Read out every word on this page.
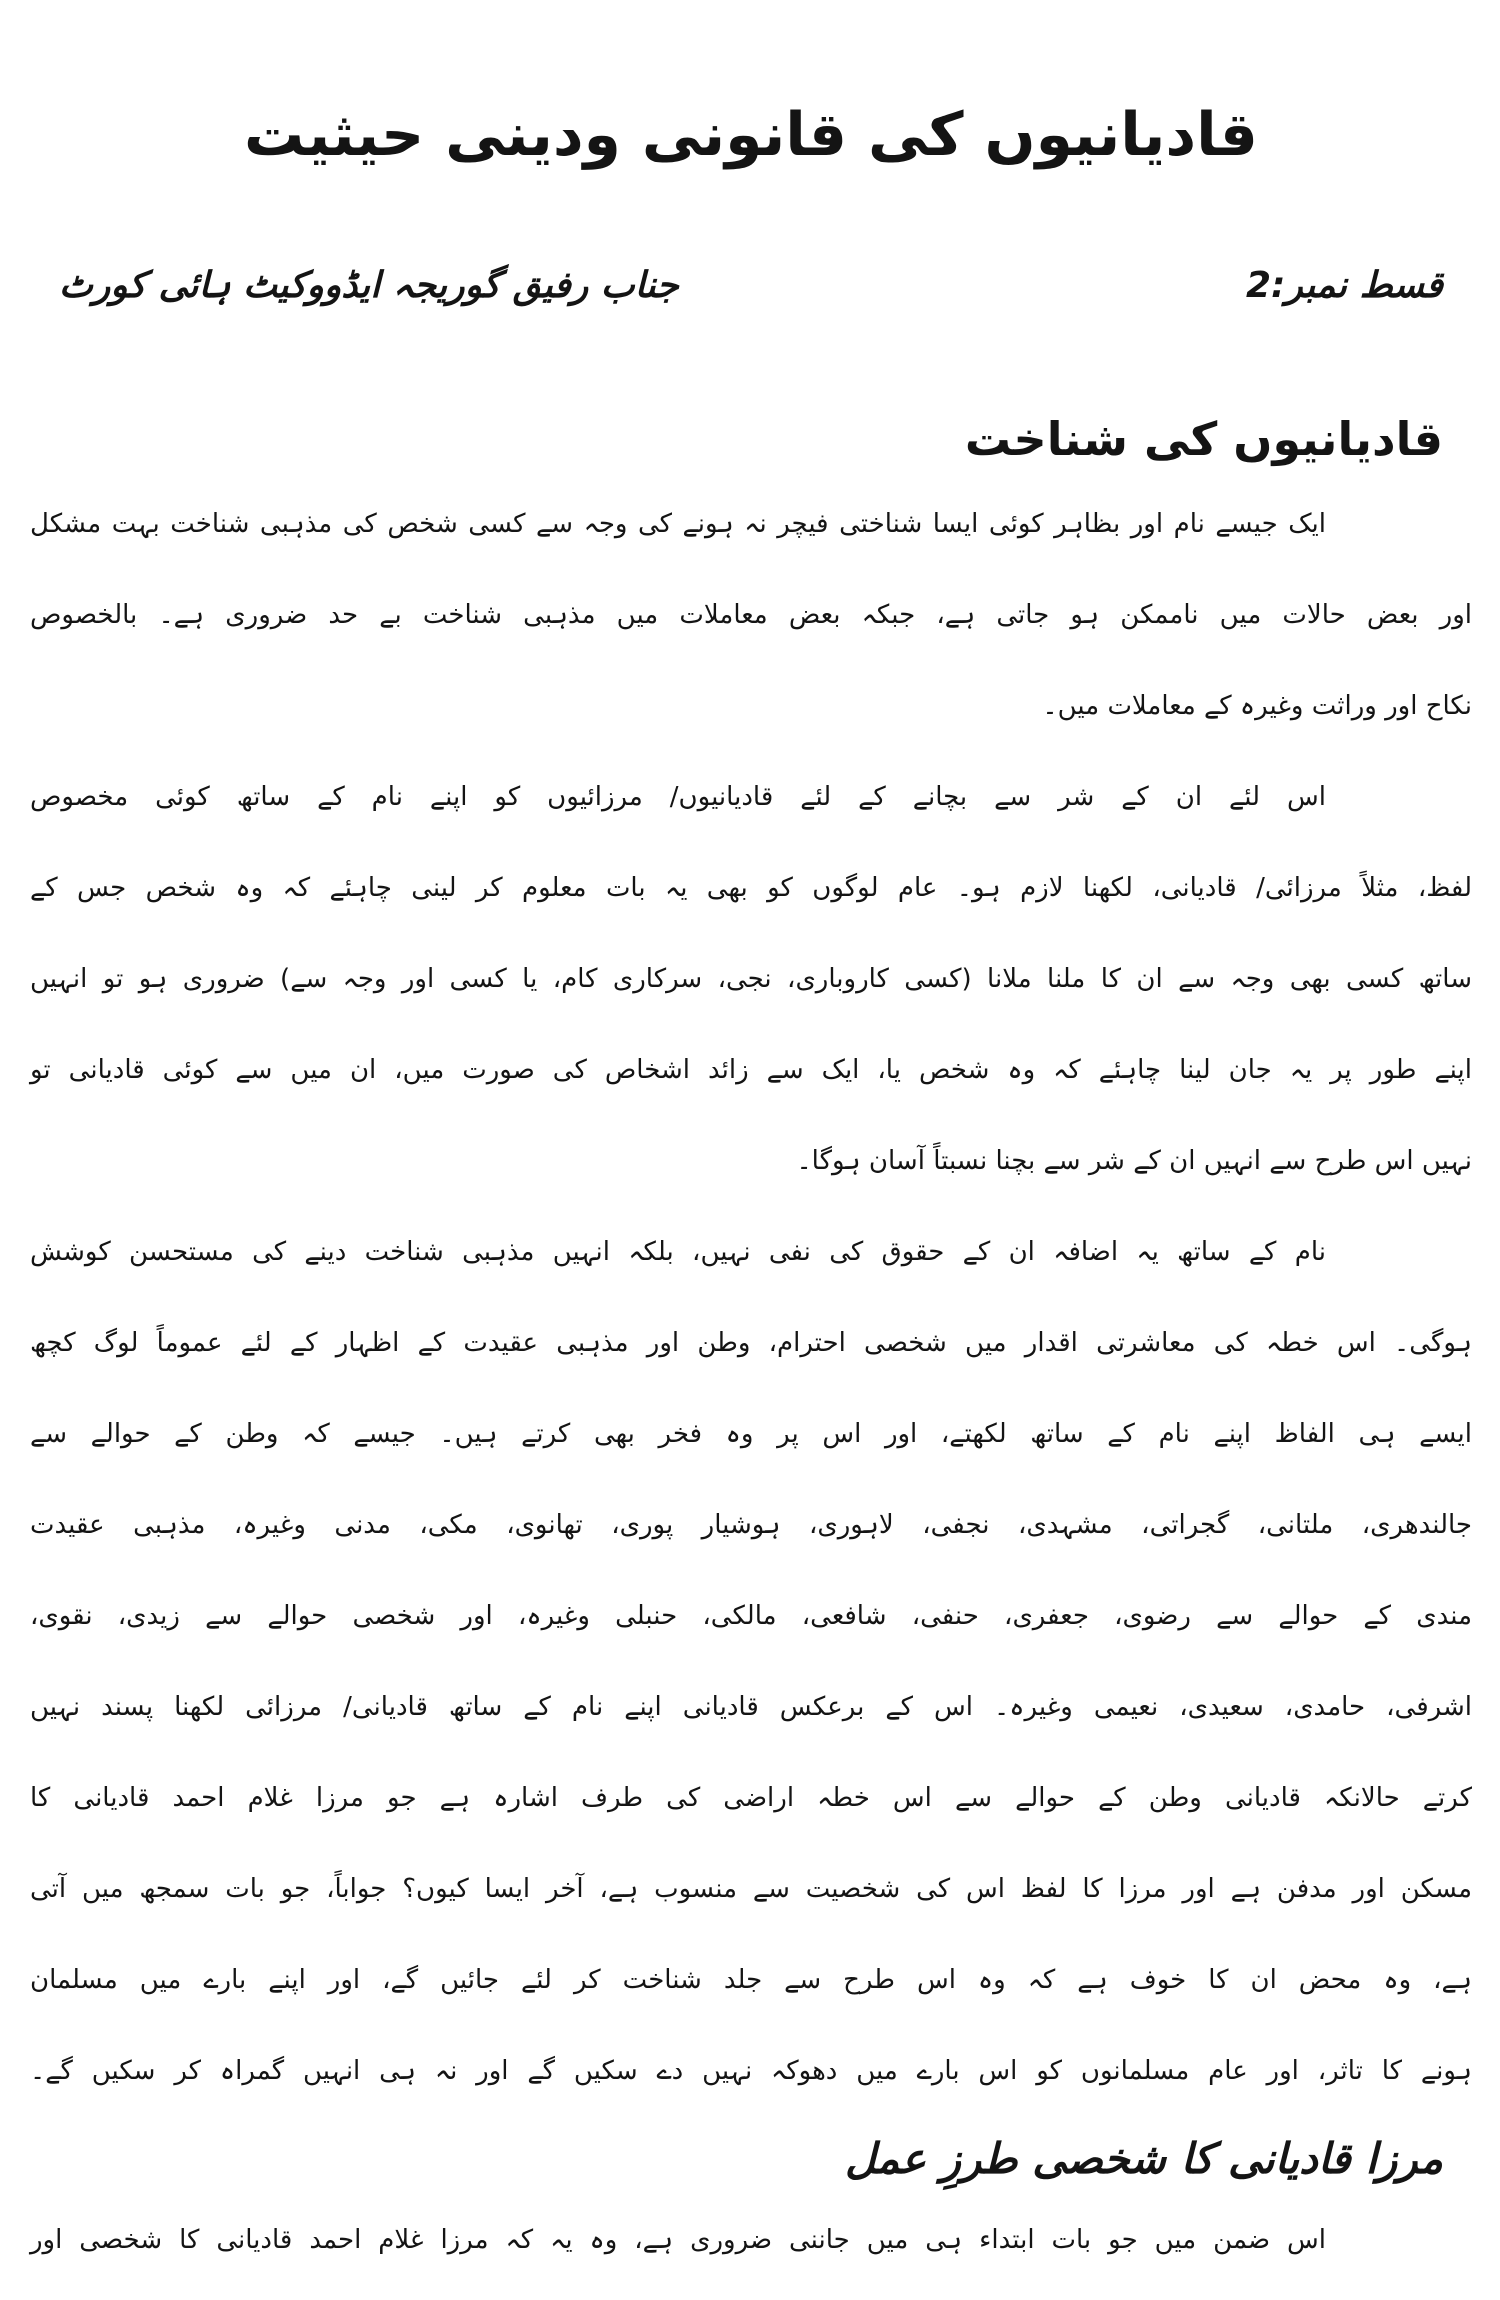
قادیانیوں کی قانونی ودینی حیثیت
قسط نمبر:2
جناب رفیق گوریجہ ایڈووکیٹ ہائی کورٹ
قادیانیوں کی شناخت
ایک جیسے نام اور بظاہر کوئی ایسا شناختی فیچر نہ ہونے کی وجہ سے کسی شخص کی مذہبی شناخت بہت مشکل
اور بعض حالات میں ناممکن ہو جاتی ہے، جبکہ بعض معاملات میں مذہبی شناخت بے حد ضروری ہے۔ بالخصوص
نکاح اور وراثت وغیرہ کے معاملات میں۔
اس لئے ان کے شر سے بچانے کے لئے قادیانیوں/ مرزائیوں کو اپنے نام کے ساتھ کوئی مخصوص
لفظ، مثلاً مرزائی/ قادیانی، لکھنا لازم ہو۔ عام لوگوں کو بھی یہ بات معلوم کر لینی چاہئے کہ وہ شخص جس کے
ساتھ کسی بھی وجہ سے ان کا ملنا ملانا (کسی کاروباری، نجی، سرکاری کام، یا کسی اور وجہ سے) ضروری ہو تو انہیں
اپنے طور پر یہ جان لینا چاہئے کہ وہ شخص یا، ایک سے زائد اشخاص کی صورت میں، ان میں سے کوئی قادیانی تو
نہیں اس طرح سے انہیں ان کے شر سے بچنا نسبتاً آسان ہوگا۔
نام کے ساتھ یہ اضافہ ان کے حقوق کی نفی نہیں، بلکہ انہیں مذہبی شناخت دینے کی مستحسن کوشش
ہوگی۔ اس خطہ کی معاشرتی اقدار میں شخصی احترام، وطن اور مذہبی عقیدت کے اظہار کے لئے عموماً لوگ کچھ
ایسے ہی الفاظ اپنے نام کے ساتھ لکھتے، اور اس پر وہ فخر بھی کرتے ہیں۔ جیسے کہ وطن کے حوالے سے
جالندھری، ملتانی، گجراتی، مشہدی، نجفی، لاہوری، ہوشیار پوری، تھانوی، مکی، مدنی وغیرہ، مذہبی عقیدت
مندی کے حوالے سے رضوی، جعفری، حنفی، شافعی، مالکی، حنبلی وغیرہ، اور شخصی حوالے سے زیدی، نقوی،
اشرفی، حامدی، سعیدی، نعیمی وغیرہ۔ اس کے برعکس قادیانی اپنے نام کے ساتھ قادیانی/ مرزائی لکھنا پسند نہیں
کرتے حالانکہ قادیانی وطن کے حوالے سے اس خطہ اراضی کی طرف اشارہ ہے جو مرزا غلام احمد قادیانی کا
مسکن اور مدفن ہے اور مرزا کا لفظ اس کی شخصیت سے منسوب ہے، آخر ایسا کیوں؟ جواباً، جو بات سمجھ میں آتی
ہے، وہ محض ان کا خوف ہے کہ وہ اس طرح سے جلد شناخت کر لئے جائیں گے، اور اپنے بارے میں مسلمان
ہونے کا تاثر، اور عام مسلمانوں کو اس بارے میں دھوکہ نہیں دے سکیں گے اور نہ ہی انہیں گمراہ کر سکیں گے۔
مرزا قادیانی کا شخصی طرزِ عمل
اس ضمن میں جو بات ابتداء ہی میں جاننی ضروری ہے، وہ یہ کہ مرزا غلام احمد قادیانی کا شخصی اور
